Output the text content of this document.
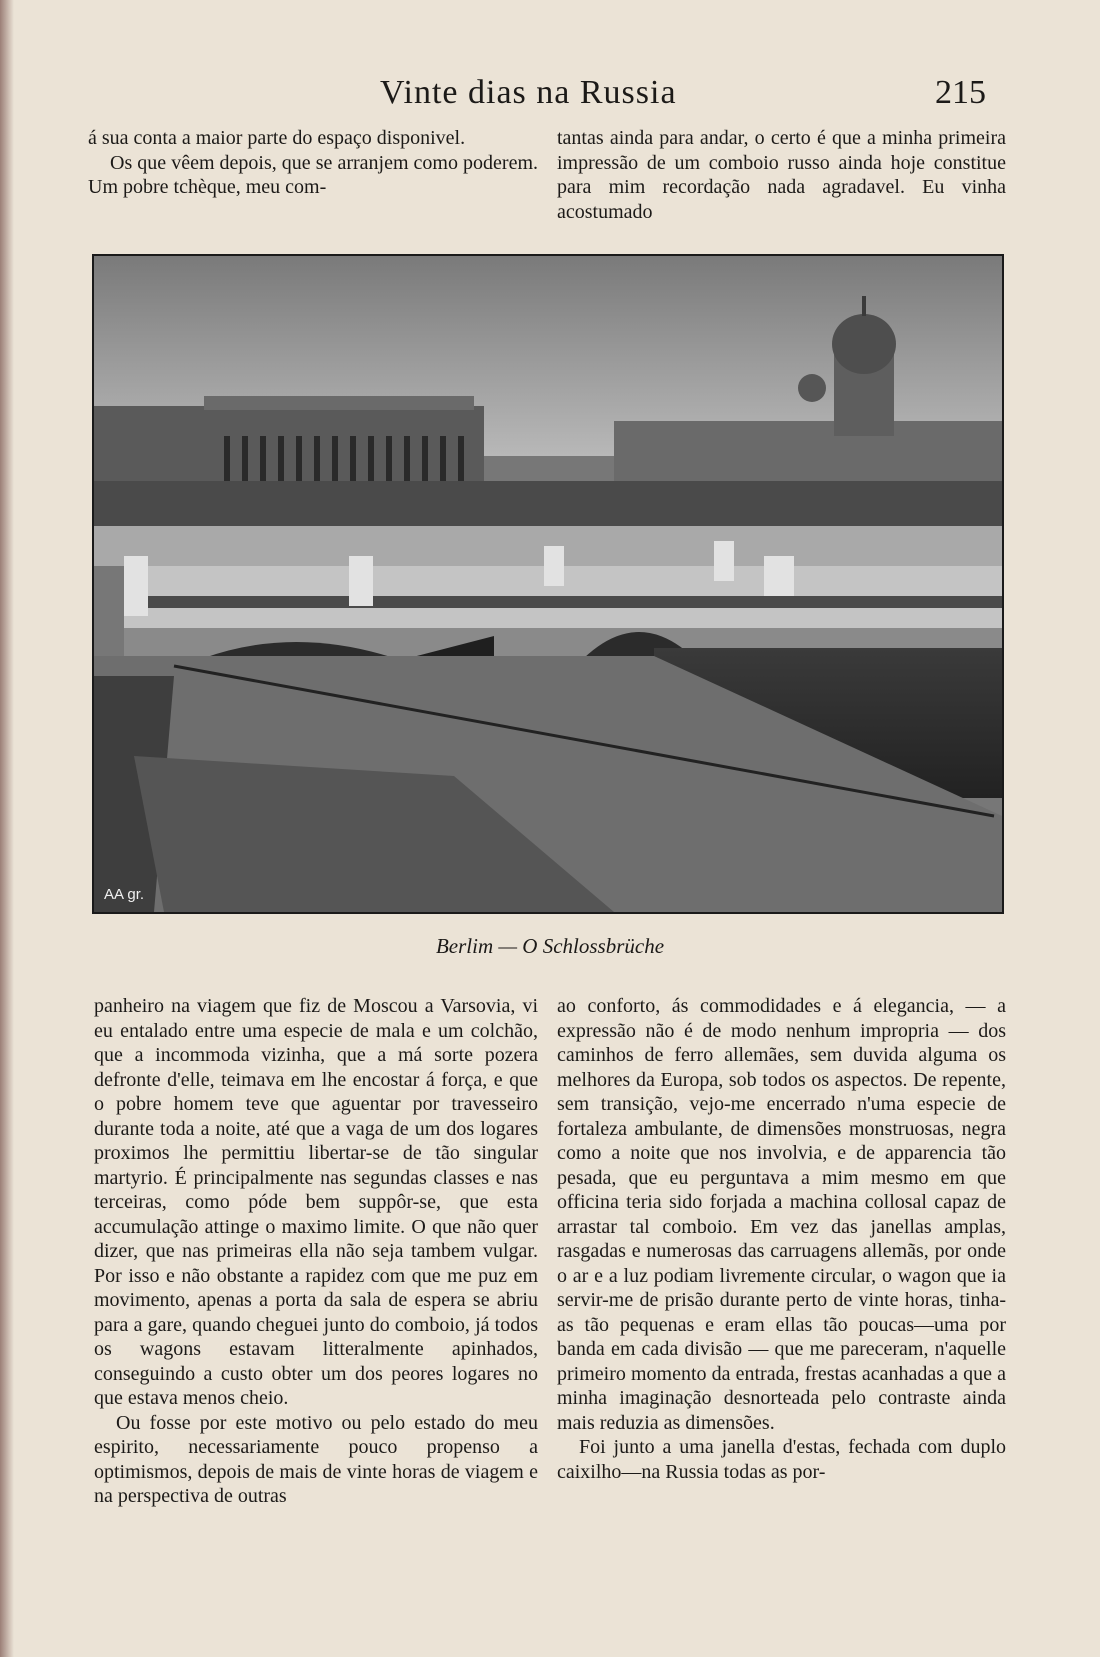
Vinte dias na Russia	215

á sua conta a maior parte do espaço disponivel.

Os que vêem depois, que se arranjem como poderem. Um pobre tchèque, meu com-

tantas ainda para andar, o certo é que a minha primeira impressão de um comboio russo ainda hoje constitue para mim recordação nada agradavel. Eu vinha acostumado

AA gr.
Berlim — O Schlossbrüche

panheiro na viagem que fiz de Moscou a Varsovia, vi eu entalado entre uma especie de mala e um colchão, que a incommoda vizinha, que a má sorte pozera defronte d'elle, teimava em lhe encostar á força, e que o pobre homem teve que aguentar por travesseiro durante toda a noite, até que a vaga de um dos logares proximos lhe permittiu libertar-se de tão singular martyrio. É principalmente nas segundas classes e nas terceiras, como póde bem suppôr-se, que esta accumulação attinge o maximo limite. O que não quer dizer, que nas primeiras ella não seja tambem vulgar. Por isso e não obstante a rapidez com que me puz em movimento, apenas a porta da sala de espera se abriu para a gare, quando cheguei junto do comboio, já todos os wagons estavam litteralmente apinhados, conseguindo a custo obter um dos peores logares no que estava menos cheio.

Ou fosse por este motivo ou pelo estado do meu espirito, necessariamente pouco propenso a optimismos, depois de mais de vinte horas de viagem e na perspectiva de outras

ao conforto, ás commodidades e á elegancia, — a expressão não é de modo nenhum impropria — dos caminhos de ferro allemães, sem duvida alguma os melhores da Europa, sob todos os aspectos. De repente, sem transição, vejo-me encerrado n'uma especie de fortaleza ambulante, de dimensões monstruosas, negra como a noite que nos involvia, e de apparencia tão pesada, que eu perguntava a mim mesmo em que officina teria sido forjada a machina collosal capaz de arrastar tal comboio. Em vez das janellas amplas, rasgadas e numerosas das carruagens allemãs, por onde o ar e a luz podiam livremente circular, o wagon que ia servir-me de prisão durante perto de vinte horas, tinha-as tão pequenas e eram ellas tão poucas—uma por banda em cada divisão — que me pareceram, n'aquelle primeiro momento da entrada, frestas acanhadas a que a minha imaginação desnorteada pelo contraste ainda mais reduzia as dimensões.

Foi junto a uma janella d'estas, fechada com duplo caixilho—na Russia todas as por-
